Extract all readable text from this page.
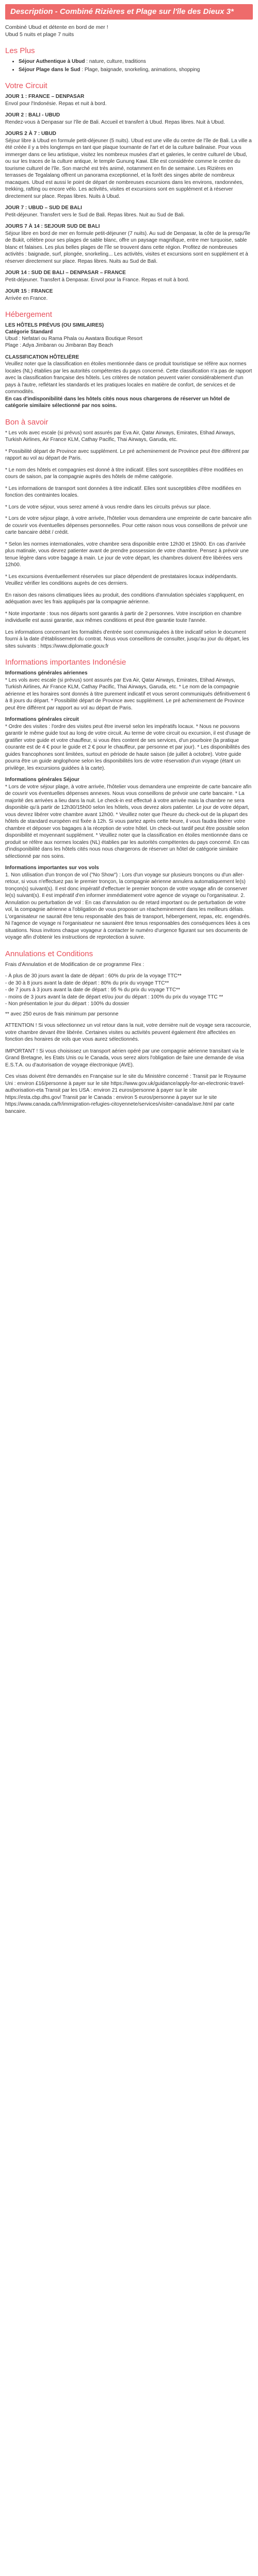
Description - Combiné Rizières et Plage sur l'île des Dieux 3*

Combiné Ubud et détente en bord de mer !
Ubud 5 nuits et plage 7 nuits

Les Plus
• Séjour Authentique à Ubud : nature, culture, traditions
• Séjour Plage dans le Sud : Plage, baignade, snorkeling, animations, shopping
Votre Circuit

JOUR 1 : FRANCE – DENPASAR
Envol pour l'Indonésie. Repas et nuit à bord.

JOUR 2 : BALI - UBUD
Rendez-vous à Denpasar sur l'île de Bali. Accueil et transfert à Ubud. Repas libres. Nuit à Ubud.

JOURS 2 À 7 : UBUD
Séjour libre à Ubud en formule petit-déjeuner (5 nuits). Ubud est une ville du centre de l'île de Bali. La ville a été créée il y a très longtemps en tant que plaque tournante de l'art et de la culture balinaise. Pour vous immerger dans ce lieu artistique, visitez les nombreux musées d'art et galeries, le centre culturel de Ubud, ou sur les traces de la culture antique, le temple Gunung Kawi. Elle est considérée comme le centre du tourisme culturel de l'île. Son marché est très animé, notamment en fin de semaine. Les Rizières en terrasses de Tegalalang offrent un panorama exceptionnel, et la forêt des singes abrite de nombreux macaques. Ubud est aussi le point de départ de nombreuses excursions dans les environs, randonnées, trekking, rafting ou encore vélo. Les activités, visites et excursions sont en supplément et à réserver directement sur place. Repas libres. Nuits à Ubud.

JOUR 7 : UBUD – SUD DE BALI
Petit-déjeuner. Transfert vers le Sud de Bali. Repas libres. Nuit au Sud de Bali.

JOURS 7 À 14 : SEJOUR SUD DE BALI
Séjour libre en bord de mer en formule petit-déjeuner (7 nuits). Au sud de Denpasar, la côte de la presqu'île de Bukit, célèbre pour ses plages de sable blanc, offre un paysage magnifique, entre mer turquoise, sable blanc et falaises. Les plus belles plages de l'île se trouvent dans cette région. Profitez de nombreuses activités : baignade, surf, plongée, snorkeling... Les activités, visites et excursions sont en supplément et à réserver directement sur place. Repas libres. Nuits au Sud de Bali.

JOUR 14 : SUD DE BALI – DENPASAR – FRANCE
Petit-déjeuner. Transfert à Denpasar. Envol pour la France. Repas et nuit à bord.

JOUR 15 : FRANCE
Arrivée en France.

Hébergement
LES HÔTELS PRÉVUS (OU SIMILAIRES)
Catégorie Standard
Ubud : Nefatari ou Rama Phala ou Awatara Boutique Resort
Plage : Adya Jimbaran ou Jimbaran Bay Beach
CLASSIFICATION HÔTELIÈRE

Veuillez noter que la classification en étoiles mentionnée dans ce produit touristique se réfère aux normes locales (NL) établies par les autorités compétentes du pays concerné. Cette classification n'a pas de rapport avec la classification française des hôtels. Les critères de notation peuvent varier considérablement d'un pays à l'autre, reflétant les standards et les pratiques locales en matière de confort, de services et de commodités.
En cas d'indisponibilité dans les hôtels cités nous nous chargerons de réserver un hôtel de catégorie similaire sélectionné par nos soins.

Bon à savoir

* Les vols avec escale (si prévus) sont assurés par Eva Air, Qatar Airways, Emirates, Etihad Airways, Turkish Airlines, Air France KLM, Cathay Pacific, Thai Airways, Garuda, etc.

* Possibilité départ de Province avec supplément. Le pré acheminement de Province peut être différent par rapport au vol au départ de Paris.

* Le nom des hôtels et compagnies est donné à titre indicatif. Elles sont susceptibles d'être modifiées en cours de saison, par la compagnie auprès des hôtels de même catégorie.

* Les informations de transport sont données à titre indicatif. Elles sont susceptibles d'être modifiées en fonction des contraintes locales.

* Lors de votre séjour, vous serez amené à vous rendre dans les circuits prévus sur place.

* Lors de votre séjour plage, à votre arrivée, l'hôtelier vous demandera une empreinte de carte bancaire afin de couvrir vos éventuelles dépenses personnelles. Pour cette raison nous vous conseillons de prévoir une carte bancaire débit / crédit.

* Selon les normes internationales, votre chambre sera disponible entre 12h30 et 15h00. En cas d'arrivée plus matinale, vous devrez patienter avant de prendre possession de votre chambre. Pensez à prévoir une tenue légère dans votre bagage à main. Le jour de votre départ, les chambres doivent être libérées vers 12h00.

* Les excursions éventuellement réservées sur place dépendent de prestataires locaux indépendants. Veuillez vérifier les conditions auprès de ces derniers.

En raison des raisons climatiques liées au produit, des conditions d'annulation spéciales s'appliquent, en adéquation avec les frais appliqués par la compagnie aérienne.

* Note importante : tous nos départs sont garantis à partir de 2 personnes. Votre inscription en chambre individuelle est aussi garantie, aux mêmes conditions et peut être garantie toute l'année.

Les informations concernant les formalités d'entrée sont communiquées à titre indicatif selon le document fourni à la date d'établissement du contrat. Nous vous conseillons de consulter, jusqu'au jour du départ, les sites suivants : https://www.diplomatie.gouv.fr

Informations importantes Indonésie

Informations générales aériennes
* Les vols avec escale (si prévus) sont assurés par Eva Air, Qatar Airways, Emirates, Etihad Airways, Turkish Airlines, Air France KLM, Cathay Pacific, Thai Airways, Garuda, etc. * Le nom de la compagnie aérienne et les horaires sont donnés à titre purement indicatif et vous seront communiqués définitivement 6 à 8 jours du départ. * Possibilité départ de Province avec supplément. Le pré acheminement de Province peut être différent par rapport au vol au départ de Paris.

Informations générales circuit
* Ordre des visites : l'ordre des visites peut être inversé selon les impératifs locaux. * Nous ne pouvons garantir le même guide tout au long de votre circuit. Au terme de votre circuit ou excursion, il est d'usage de gratifier votre guide et votre chauffeur, si vous êtes content de ses services, d'un pourboire (la pratique courante est de 4 € pour le guide et 2 € pour le chauffeur, par personne et par jour). * Les disponibilités des guides francophones sont limitées, surtout en période de haute saison (de juillet à octobre). Votre guide pourra être un guide anglophone selon les disponibilités lors de votre réservation d'un voyage (étant un privilège, les excursions guidées à la carte).

Informations générales Séjour
* Lors de votre séjour plage, à votre arrivée, l'hôtelier vous demandera une empreinte de carte bancaire afin de couvrir vos éventuelles dépenses annexes. Nous vous conseillons de prévoir une carte bancaire. * La majorité des arrivées a lieu dans la nuit. Le check-in est effectué à votre arrivée mais la chambre ne sera disponible qu'à partir de 12h30/15h00 selon les hôtels, vous devrez alors patienter. Le jour de votre départ, vous devrez libérer votre chambre avant 12h00. * Veuillez noter que l'heure du check-out de la plupart des hôtels de standard européen est fixée à 12h. Si vous partez après cette heure, il vous faudra libérer votre chambre et déposer vos bagages à la réception de votre hôtel. Un check-out tardif peut être possible selon disponibilité et moyennant supplément. * Veuillez noter que la classification en étoiles mentionnée dans ce produit se réfère aux normes locales (NL) établies par les autorités compétentes du pays concerné. En cas d'indisponibilité dans les hôtels cités nous nous chargerons de réserver un hôtel de catégorie similaire sélectionné par nos soins.

Informations importantes sur vos vols
1. Non utilisation d'un tronçon de vol ("No Show") : Lors d'un voyage sur plusieurs tronçons ou d'un aller-retour, si vous n'effectuez pas le premier tronçon, la compagnie aérienne annulera automatiquement le(s) tronçon(s) suivant(s). Il est donc impératif d'effectuer le premier tronçon de votre voyage afin de conserver le(s) suivant(s). Il est impératif d'en informer immédiatement votre agence de voyage ou l'organisateur. 2. Annulation ou perturbation de vol : En cas d'annulation ou de retard important ou de perturbation de votre vol, la compagnie aérienne a l'obligation de vous proposer un réacheminement dans les meilleurs délais. L'organisateur ne saurait être tenu responsable des frais de transport, hébergement, repas, etc. engendrés. Ni l'agence de voyage ni l'organisateur ne sauraient être tenus responsables des conséquences liées à ces situations. Nous invitons chaque voyageur à contacter le numéro d'urgence figurant sur ses documents de voyage afin d'obtenir les instructions de reprotection à suivre.

Annulations et Conditions

Frais d'Annulation et de Modification de ce programme Flex :

- À plus de 30 jours avant la date de départ : 60% du prix de la voyage TTC**
- de 30 à 8 jours avant la date de départ : 80% du prix du voyage TTC**
- de 7 jours à 3 jours avant la date de départ : 95 % du prix du voyage TTC**
- moins de 3 jours avant la date de départ et/ou jour du départ : 100% du prix du voyage TTC **
- Non présentation le jour du départ : 100% du dossier
** avec 250 euros de frais minimum par personne

ATTENTION ! Si vous sélectionnez un vol retour dans la nuit, votre dernière nuit de voyage sera raccourcie, votre chambre devant être libérée. Certaines visites ou activités peuvent également être affectées en fonction des horaires de vols que vous aurez sélectionnés.

IMPORTANT ! Si vous choisissez un transport aérien opéré par une compagnie aérienne transitant via le Grand Bretagne, les Etats Unis ou le Canada, vous serez alors l'obligation de faire une demande de visa E.S.T.A. ou d'autorisation de voyage électronique (AVE).

Ces visas doivent être demandés en Française sur le site du Ministère concerné : Transit par le Royaume Uni : environ £16/personne à payer sur le site https://www.gov.uk/guidance/apply-for-an-electronic-travel-authorisation-eta Transit par les USA : environ 21 euros/personne à payer sur le site https://esta.cbp.dhs.gov/ Transit par le Canada : environ 5 euros/personne à payer sur le site https://www.canada.ca/fr/immigration-refugies-citoyennete/services/visiter-canada/ave.html par carte bancaire.
